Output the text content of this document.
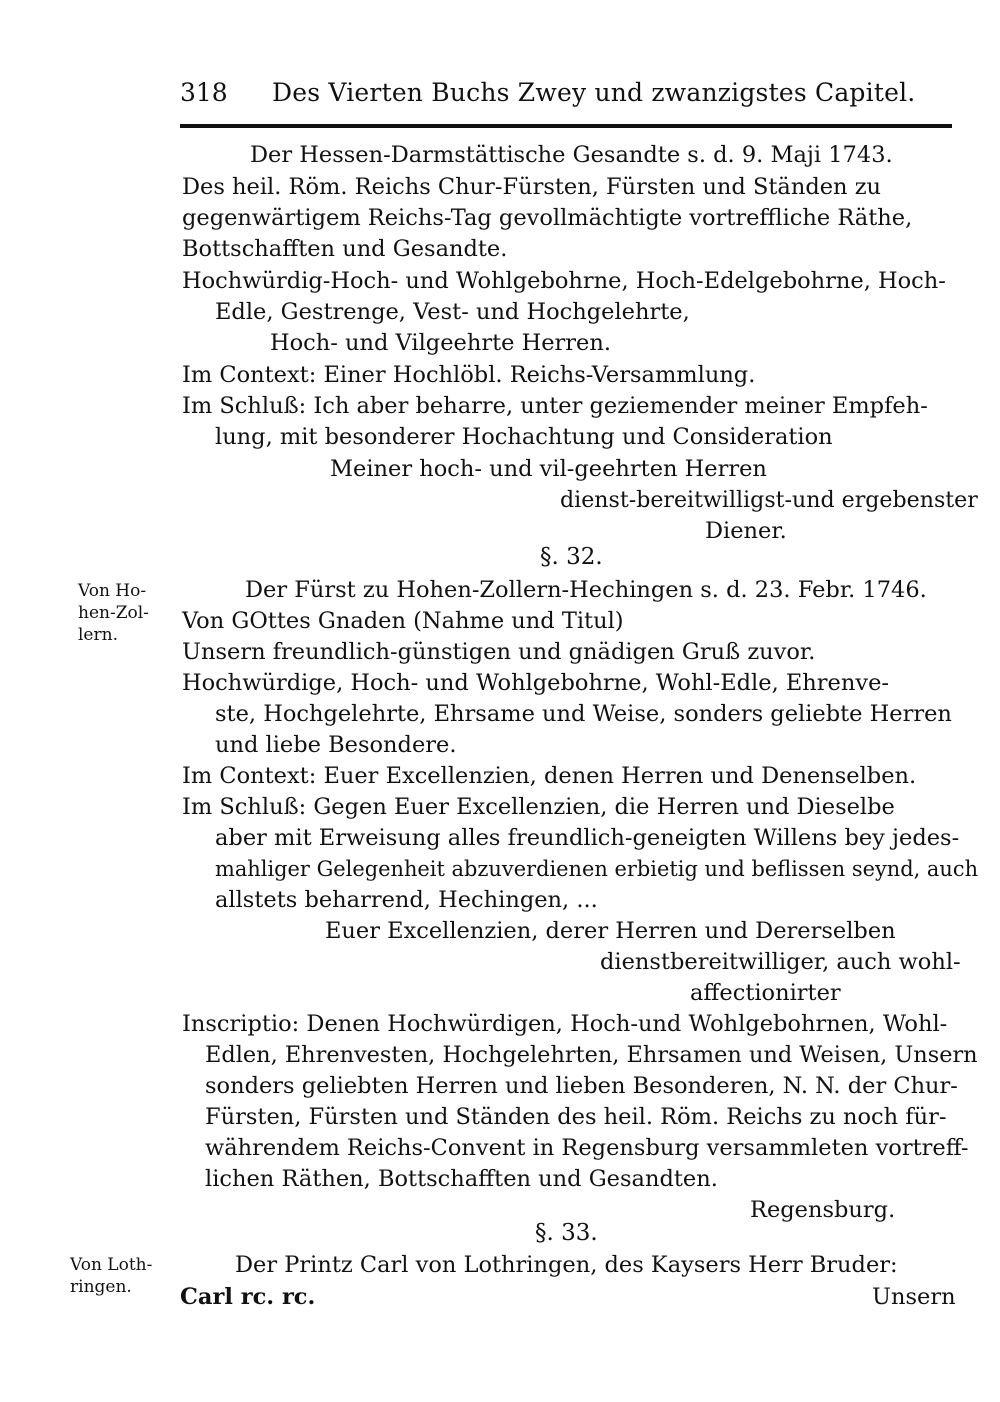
318 Des Vierten Buchs Zwey und zwanzigstes Capitel.
Der Hessen-Darmstättische Gesandte s. d. 9. Maji 1743.
Des heil. Röm. Reichs Chur-Fürsten, Fürsten und Ständen zu
gegenwärtigem Reichs-Tag gevollmächtigte vortreffliche Räthe,
Bottschafften und Gesandte.
Hochwürdig-Hoch- und Wohlgebohrne, Hoch-Edelgebohrne, Hoch-
Edle, Gestrenge, Vest- und Hochgelehrte,
Hoch- und Vilgeehrte Herren.
Im Context: Einer Hochlöbl. Reichs-Versammlung.
Im Schluß: Ich aber beharre, unter geziemender meiner Empfeh-
lung, mit besonderer Hochachtung und Consideration
Meiner hoch- und vil-geehrten Herren
dienst-bereitwilligst-und ergebenster
Diener.
§. 32.
Von Ho-
hen-Zol-
lern.
Der Fürst zu Hohen-Zollern-Hechingen s. d. 23. Febr. 1746.
Von GOttes Gnaden (Nahme und Titul)
Unsern freundlich-günstigen und gnädigen Gruß zuvor.
Hochwürdige, Hoch- und Wohlgebohrne, Wohl-Edle, Ehrenve-
ste, Hochgelehrte, Ehrsame und Weise, sonders geliebte Herren
und liebe Besondere.
Im Context: Euer Excellenzien, denen Herren und Denenselben.
Im Schluß: Gegen Euer Excellenzien, die Herren und Dieselbe
aber mit Erweisung alles freundlich-geneigten Willens bey jedes-
mahliger Gelegenheit abzuverdienen erbietig und beflissen seynd, auch
allstets beharrend, Hechingen, ...
Euer Excellenzien, derer Herren und Dererselben
dienstbereitwilliger, auch wohl-
affectionirter
Inscriptio: Denen Hochwürdigen, Hoch-und Wohlgebohrnen, Wohl-
Edlen, Ehrenvesten, Hochgelehrten, Ehrsamen und Weisen, Unsern
sonders geliebten Herren und lieben Besonderen, N. N. der Chur-
Fürsten, Fürsten und Ständen des heil. Röm. Reichs zu noch für-
währendem Reichs-Convent in Regensburg versammleten vortreff-
lichen Räthen, Bottschafften und Gesandten.
Regensburg.
§. 33.
Von Loth-
ringen.
Der Printz Carl von Lothringen, des Kaysers Herr Bruder:
Carl rc. rc.	Unsern
